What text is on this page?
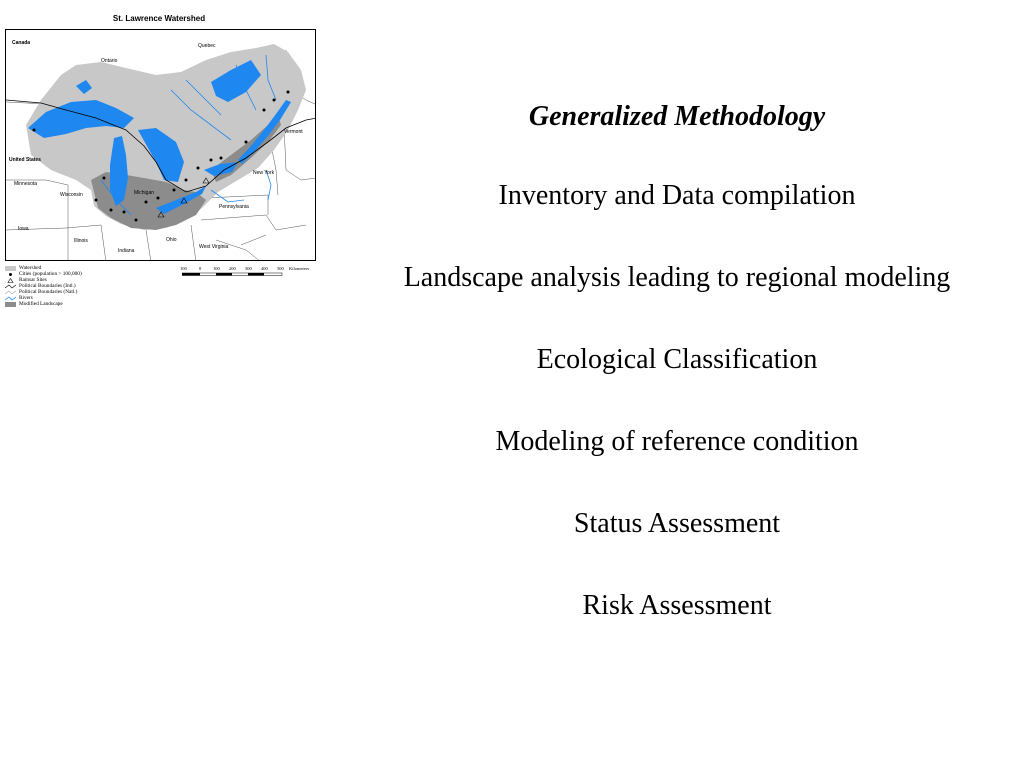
St. Lawrence Watershed
Canada
Ontario
Quebec
United States
Minnesota
Wisconsin	Michigan
New York
Pennsylvania
Iowa
Illinois
Indiana
Ohio
West Virginia
Vermont
Watershed
Cities (population > 100,000)
Ramsar Sites
Political Boundaries (Intl.)
Political Boundaries (Natl.)
Rivers
Modified Landscape
100	0	100 200 300 400 500 Kilometers

Generalized Methodology

Inventory and Data compilation

Landscape analysis leading to regional modeling

Ecological Classification

Modeling of reference condition

Status Assessment

Risk Assessment
